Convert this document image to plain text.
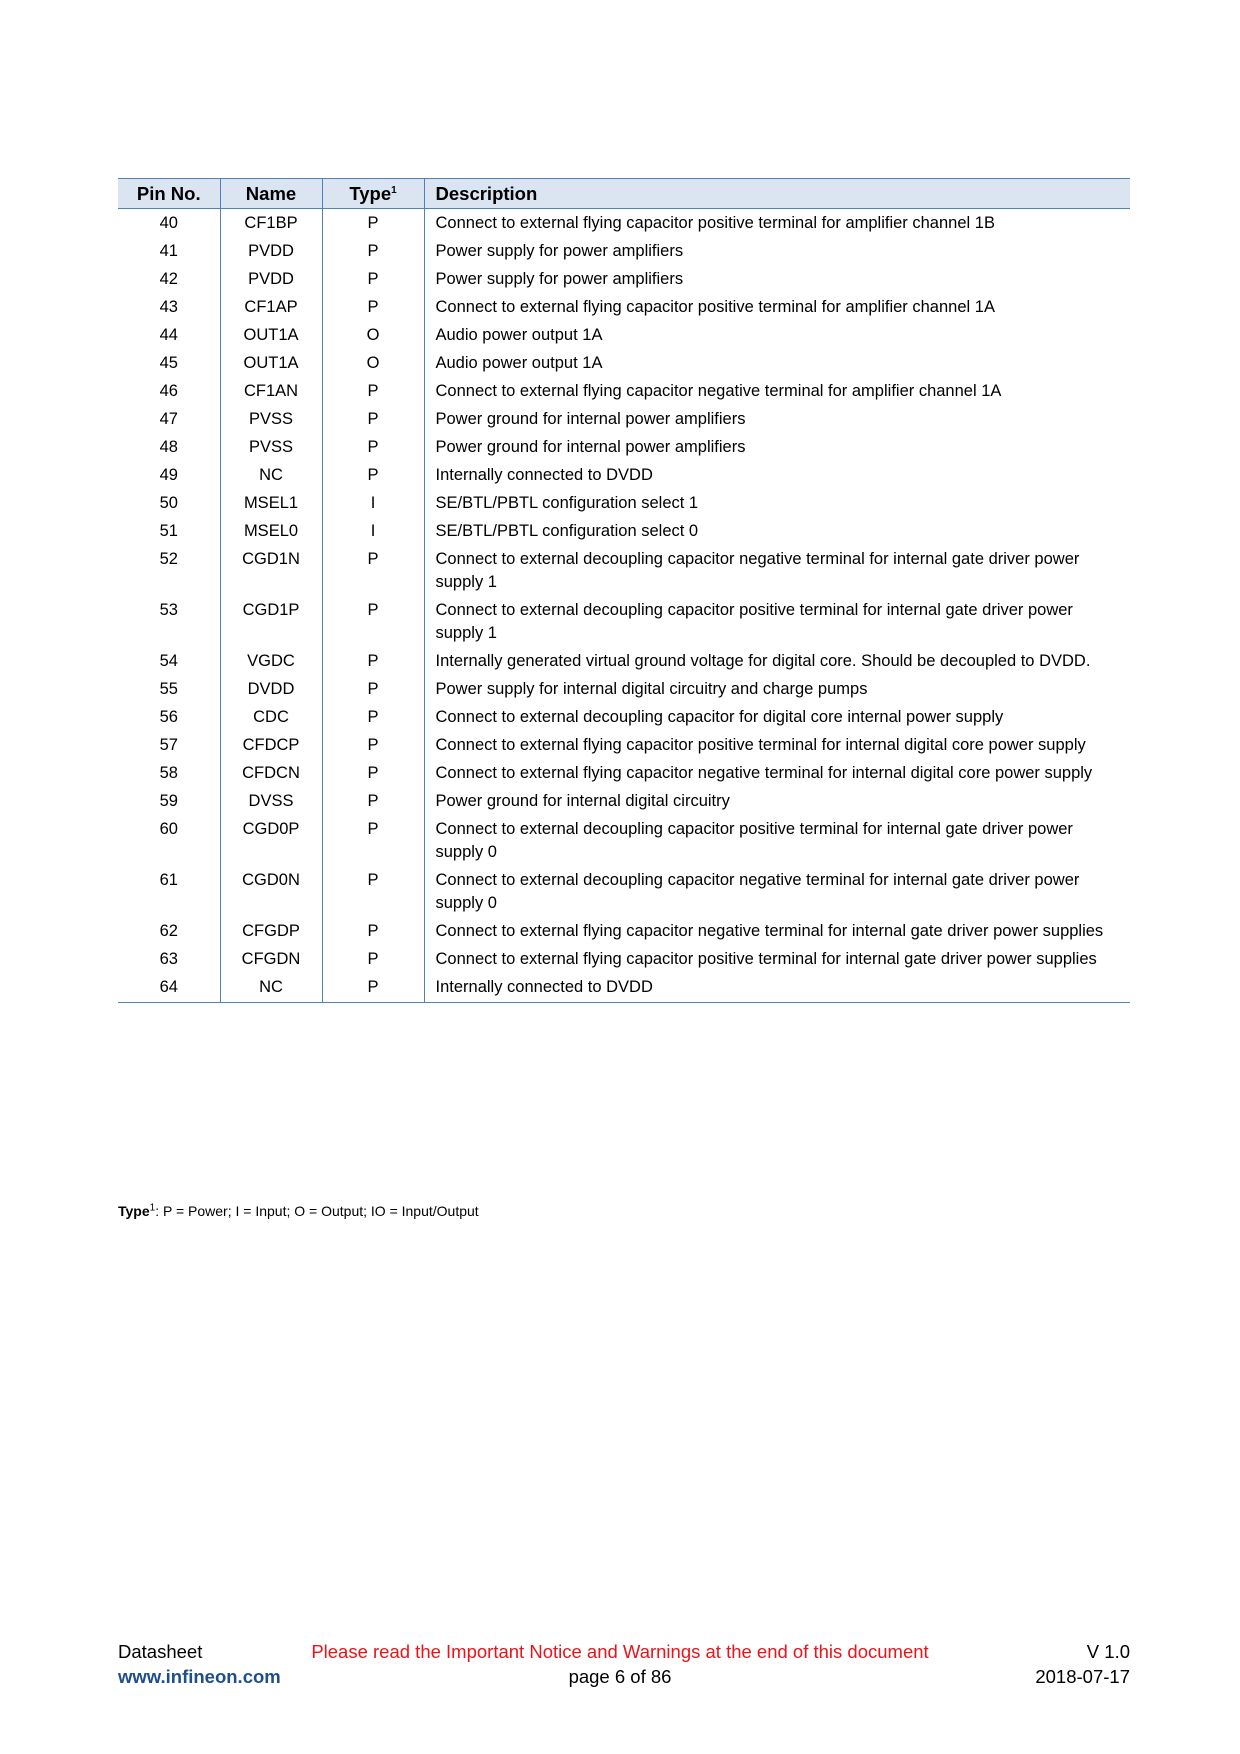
Pin No.	Name	Type$^1$	Description
40	CF1BP	P	Connect to external flying capacitor positive terminal for amplifier channel 1B
41	PVDD	P	Power supply for power amplifiers
42	PVDD	P	Power supply for power amplifiers
43	CF1AP	P	Connect to external flying capacitor positive terminal for amplifier channel 1A
44	OUT1A	O	Audio power output 1A
45	OUT1A	O	Audio power output 1A
46	CF1AN	P	Connect to external flying capacitor negative terminal for amplifier channel 1A
47	PVSS	P	Power ground for internal power amplifiers
48	PVSS	P	Power ground for internal power amplifiers
49	NC	P	Internally connected to DVDD
50	MSEL1	I	SE/BTL/PBTL configuration select 1
51	MSEL0	I	SE/BTL/PBTL configuration select 0
52	CGD1N	P	Connect to external decoupling capacitor negative terminal for internal gate driver power supply 1
53	CGD1P	P	Connect to external decoupling capacitor positive terminal for internal gate driver power supply 1
54	VGDC	P	Internally generated virtual ground voltage for digital core. Should be decoupled to DVDD.
55	DVDD	P	Power supply for internal digital circuitry and charge pumps
56	CDC	P	Connect to external decoupling capacitor for digital core internal power supply
57	CFDCP	P	Connect to external flying capacitor positive terminal for internal digital core power supply
58	CFDCN	P	Connect to external flying capacitor negative terminal for internal digital core power supply
59	DVSS	P	Power ground for internal digital circuitry
60	CGD0P	P	Connect to external decoupling capacitor positive terminal for internal gate driver power supply 0
61	CGD0N	P	Connect to external decoupling capacitor negative terminal for internal gate driver power supply 0
62	CFGDP	P	Connect to external flying capacitor negative terminal for internal gate driver power supplies
63	CFGDN	P	Connect to external flying capacitor positive terminal for internal gate driver power supplies
64	NC	P	Internally connected to DVDD
Type$^1$: P = Power; I = Input; O = Output; IO = Input/Output
Datasheet
www.infineon.com
Please read the Important Notice and Warnings at the end of this document
page 6 of 86
V 1.0
2018-07-17
